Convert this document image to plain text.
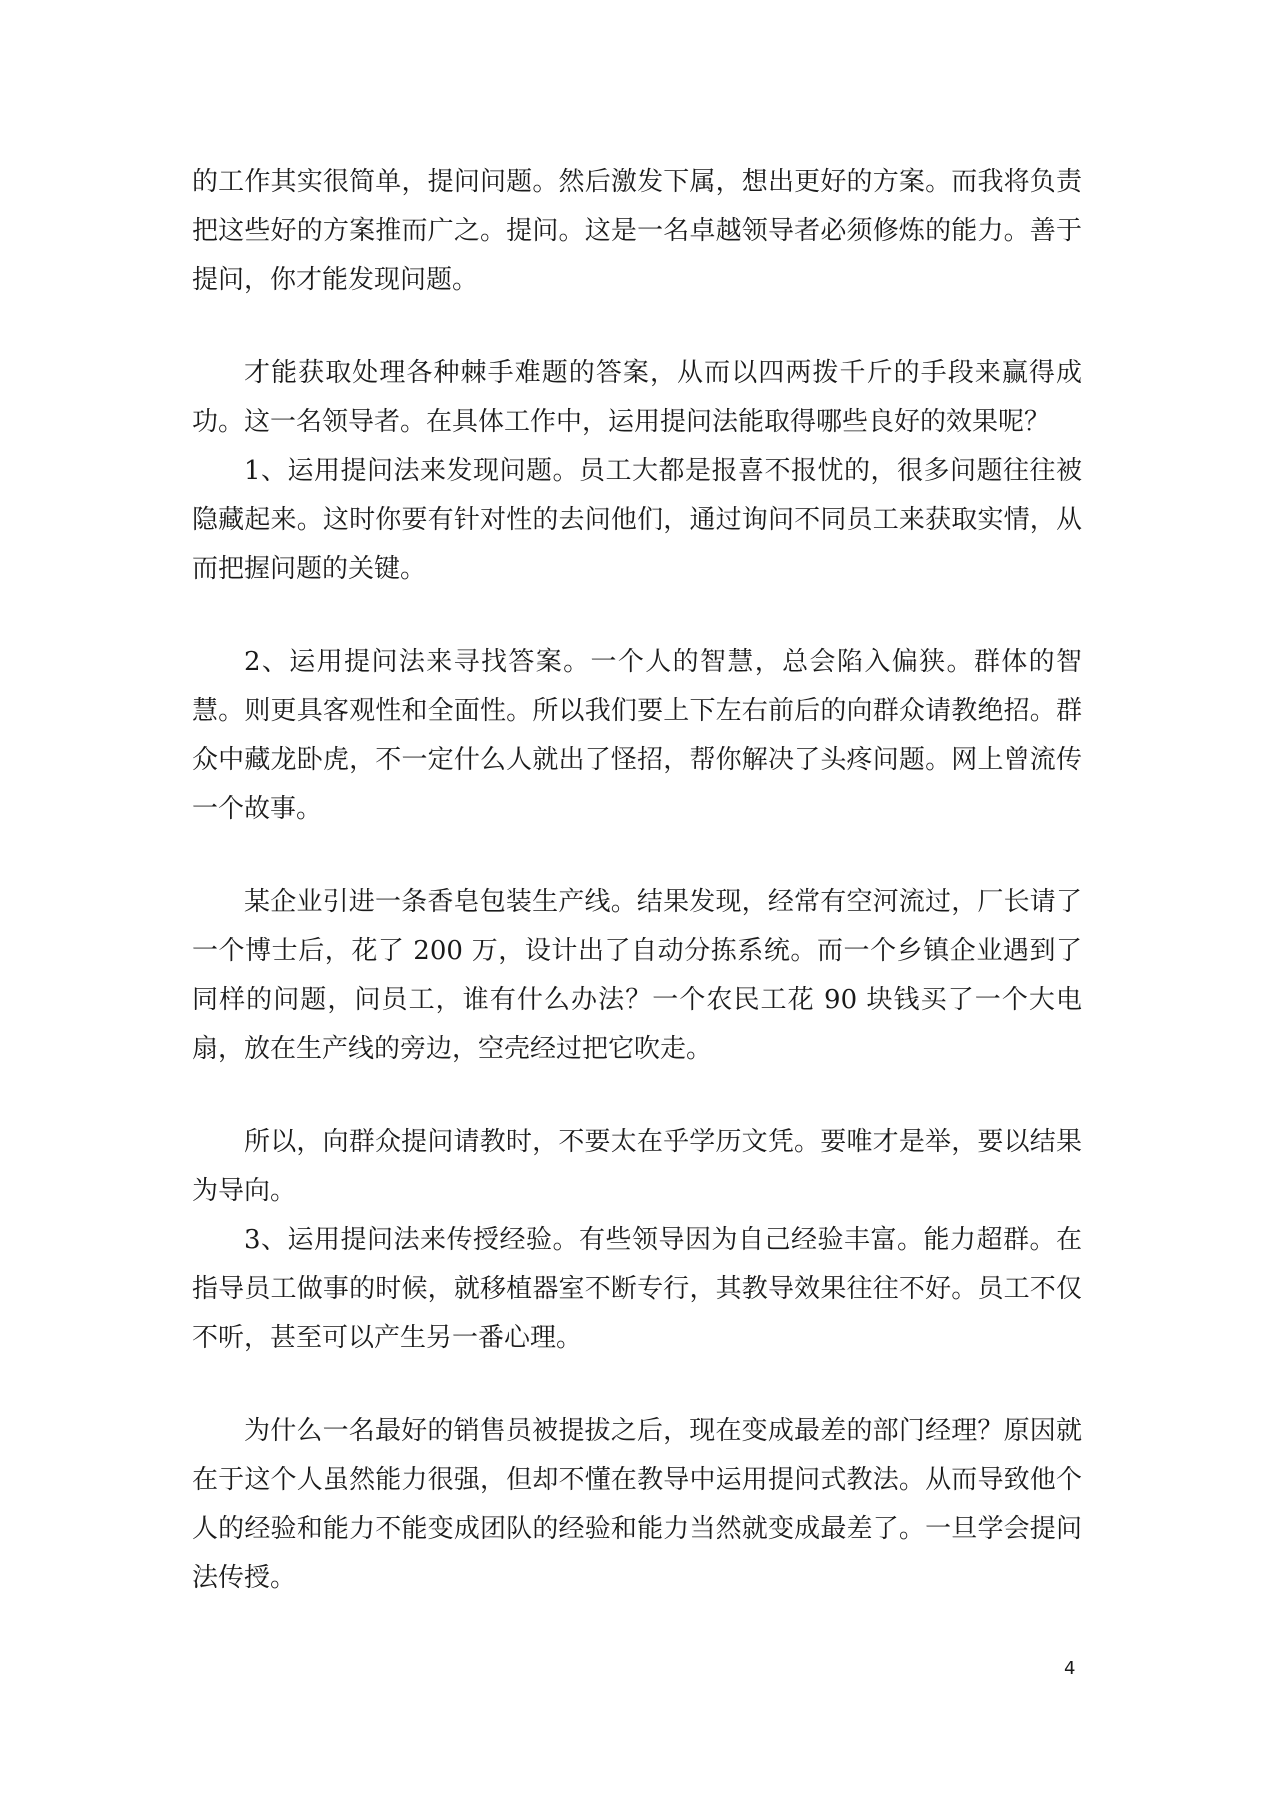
的工作其实很简单，提问问题。然后激发下属，想出更好的方案。而我将负责把这些好的方案推而广之。提问。这是一名卓越领导者必须修炼的能力。善于提问，你才能发现问题。

才能获取处理各种棘手难题的答案，从而以四两拨千斤的手段来赢得成功。这一名领导者。在具体工作中，运用提问法能取得哪些良好的效果呢？

1、运用提问法来发现问题。员工大都是报喜不报忧的，很多问题往往被隐藏起来。这时你要有针对性的去问他们，通过询问不同员工来获取实情，从而把握问题的关键。

2、运用提问法来寻找答案。一个人的智慧，总会陷入偏狭。群体的智慧。则更具客观性和全面性。所以我们要上下左右前后的向群众请教绝招。群众中藏龙卧虎，不一定什么人就出了怪招，帮你解决了头疼问题。网上曾流传一个故事。

某企业引进一条香皂包装生产线。结果发现，经常有空河流过，厂长请了一个博士后，花了 200 万，设计出了自动分拣系统。而一个乡镇企业遇到了同样的问题，问员工，谁有什么办法？一个农民工花 90 块钱买了一个大电扇，放在生产线的旁边，空壳经过把它吹走。

所以，向群众提问请教时，不要太在乎学历文凭。要唯才是举，要以结果为导向。

3、运用提问法来传授经验。有些领导因为自己经验丰富。能力超群。在指导员工做事的时候，就移植器室不断专行，其教导效果往往不好。员工不仅不听，甚至可以产生另一番心理。

为什么一名最好的销售员被提拔之后，现在变成最差的部门经理？原因就在于这个人虽然能力很强，但却不懂在教导中运用提问式教法。从而导致他个人的经验和能力不能变成团队的经验和能力当然就变成最差了。一旦学会提问法传授。

4
